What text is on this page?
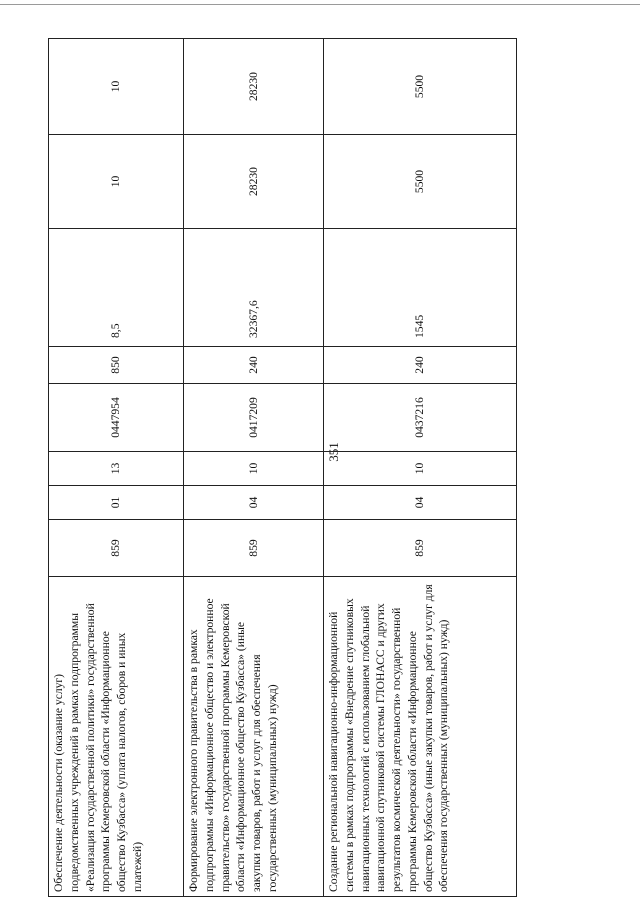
351
Обеспечение деятельности (оказание услуг) подведомственных учреждений в рамках подпрограммы «Реализация государственной политики» государственной программы Кемеровской области «Информационное общество Кузбасса» (уплата налогов, сборов и иных платежей)	859	01	13	0447954	850	8,5	10	10
Формирование электронного правительства в рамках подпрограммы «Информационное общество и электронное правительство» государственной программы Кемеровской области «Информационное общество Кузбасса» (иные закупки товаров, работ и услуг для обеспечения государственных (муниципальных) нужд)	859	04	10	0417209	240	32367,6	28230	28230
Создание региональной навигационно-информационной системы в рамках подпрограммы «Внедрение спутниковых навигационных технологий с использованием глобальной навигационной спутниковой системы ГЛОНАСС и других результатов космической деятельности» государственной программы Кемеровской области «Информационное общество Кузбасса» (иные закупки товаров, работ и услуг для обеспечения государственных (муниципальных) нужд)	859	04	10	0437216	240	1545	5500	5500
